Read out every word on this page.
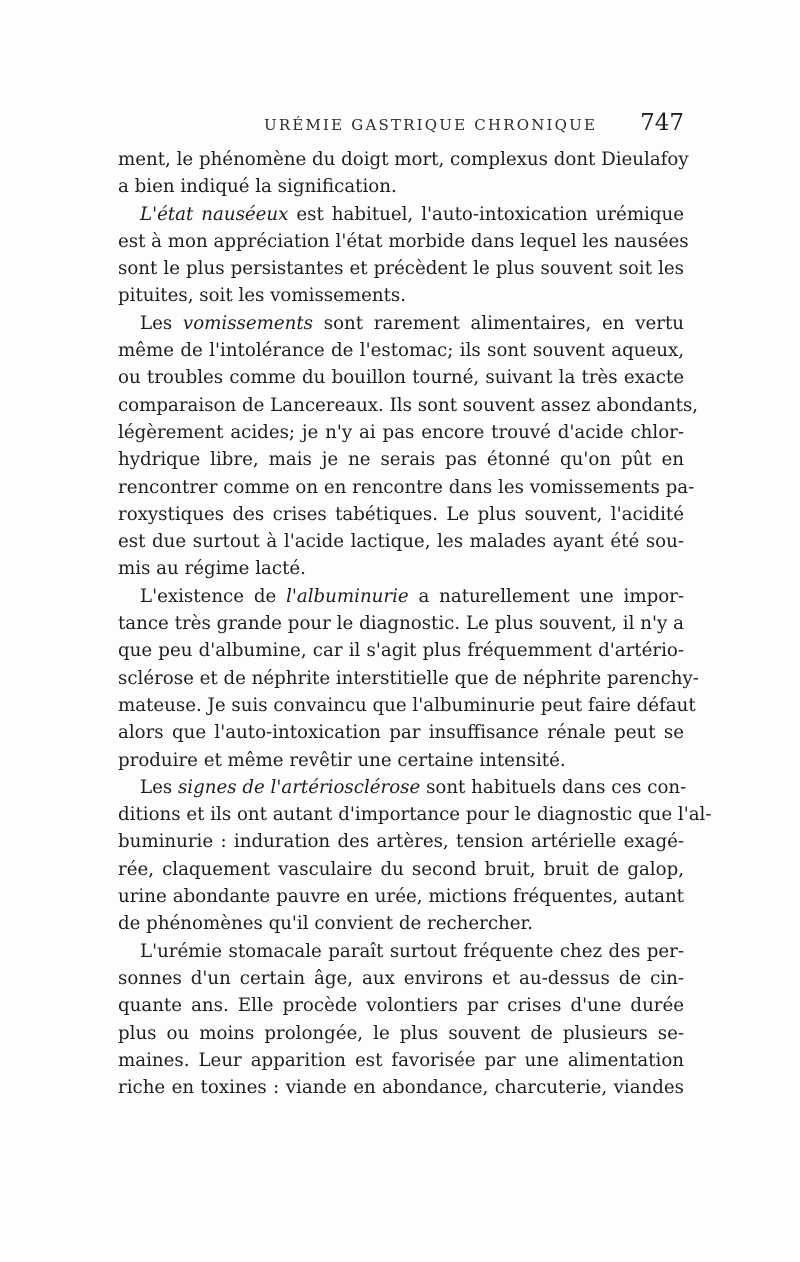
URÉMIE GASTRIQUE CHRONIQUE 747
ment, le phénomène du doigt mort, complexus dont Dieulafoy
a bien indiqué la signification.
L'état nauséeux est habituel, l'auto-intoxication urémique
est à mon appréciation l'état morbide dans lequel les nausées
sont le plus persistantes et précèdent le plus souvent soit les
pituites, soit les vomissements.
Les vomissements sont rarement alimentaires, en vertu
même de l'intolérance de l'estomac; ils sont souvent aqueux,
ou troubles comme du bouillon tourné, suivant la très exacte
comparaison de Lancereaux. Ils sont souvent assez abondants,
légèrement acides; je n'y ai pas encore trouvé d'acide chlor-
hydrique libre, mais je ne serais pas étonné qu'on pût en
rencontrer comme on en rencontre dans les vomissements pa-
roxystiques des crises tabétiques. Le plus souvent, l'acidité
est due surtout à l'acide lactique, les malades ayant été sou-
mis au régime lacté.
L'existence de l'albuminurie a naturellement une impor-
tance très grande pour le diagnostic. Le plus souvent, il n'y a
que peu d'albumine, car il s'agit plus fréquemment d'artério-
sclérose et de néphrite interstitielle que de néphrite parenchy-
mateuse. Je suis convaincu que l'albuminurie peut faire défaut
alors que l'auto-intoxication par insuffisance rénale peut se
produire et même revêtir une certaine intensité.
Les signes de l'artériosclérose sont habituels dans ces con-
ditions et ils ont autant d'importance pour le diagnostic que l'al-
buminurie : induration des artères, tension artérielle exagé-
rée, claquement vasculaire du second bruit, bruit de galop,
urine abondante pauvre en urée, mictions fréquentes, autant
de phénomènes qu'il convient de rechercher.
L'urémie stomacale paraît surtout fréquente chez des per-
sonnes d'un certain âge, aux environs et au-dessus de cin-
quante ans. Elle procède volontiers par crises d'une durée
plus ou moins prolongée, le plus souvent de plusieurs se-
maines. Leur apparition est favorisée par une alimentation
riche en toxines : viande en abondance, charcuterie, viandes
